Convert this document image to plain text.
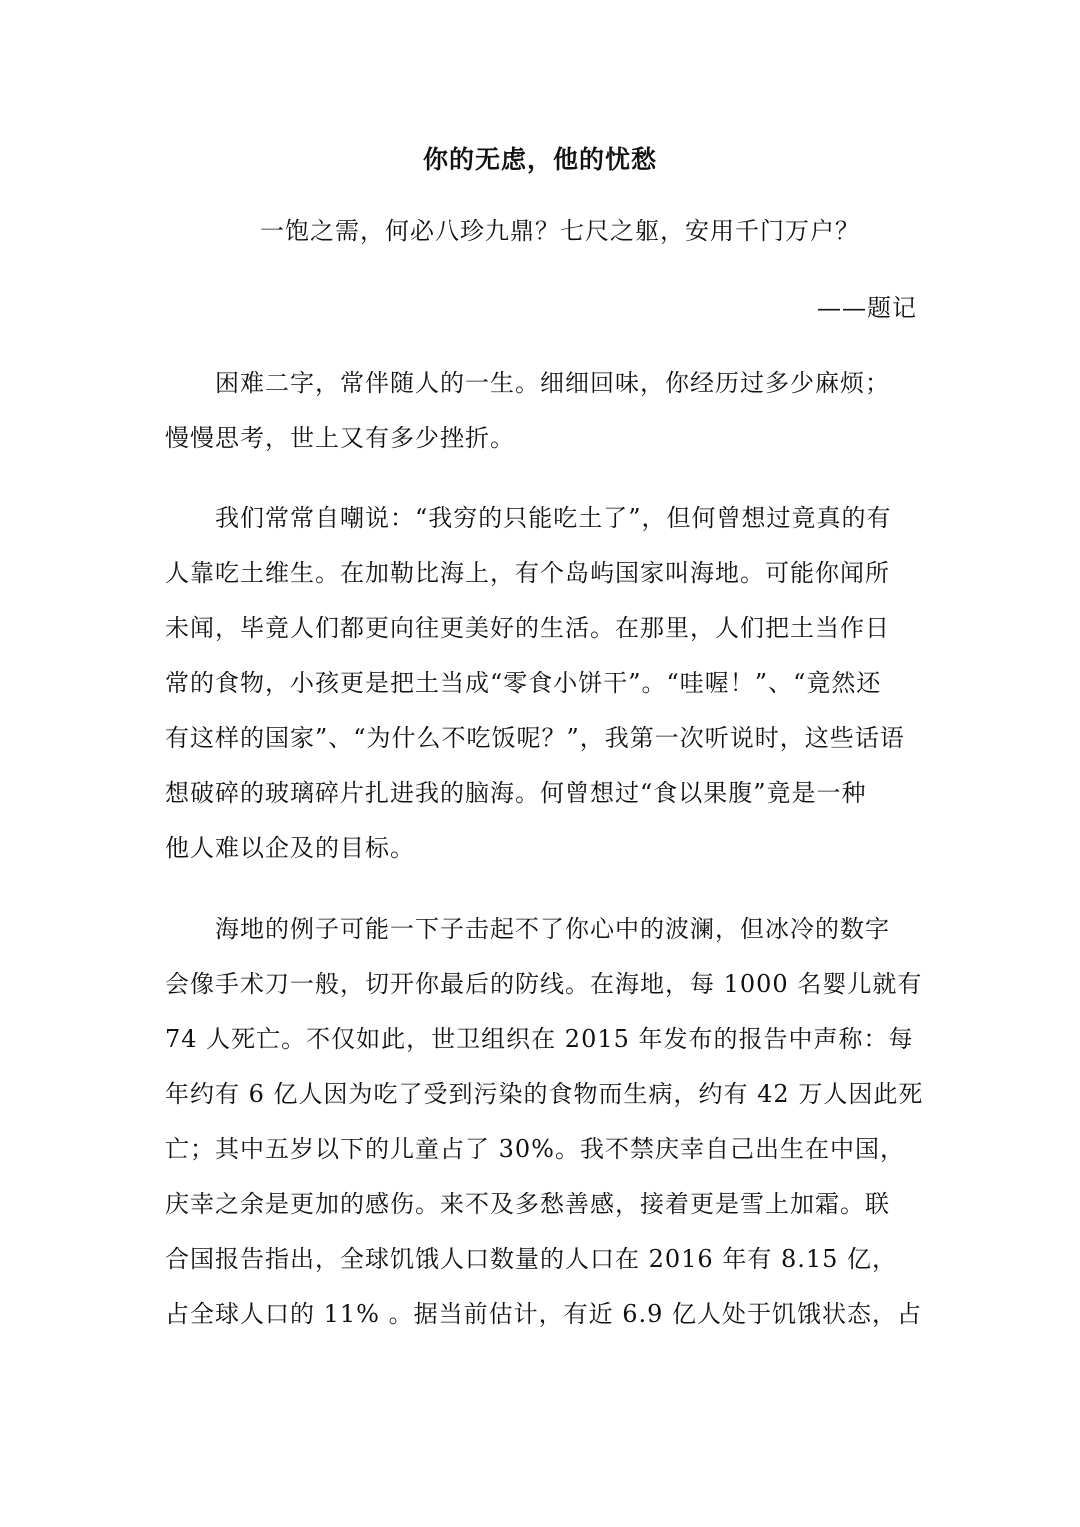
你的无虑，他的忧愁
一饱之需，何必八珍九鼎？七尺之躯，安用千门万户？
——题记
困难二字，常伴随人的一生。细细回味，你经历过多少麻烦；
慢慢思考，世上又有多少挫折。
我们常常自嘲说：“我穷的只能吃土了”，但何曾想过竟真的有
人靠吃土维生。在加勒比海上，有个岛屿国家叫海地。可能你闻所
未闻，毕竟人们都更向往更美好的生活。在那里，人们把土当作日
常的食物，小孩更是把土当成“零食小饼干”。“哇喔！”、“竟然还
有这样的国家”、“为什么不吃饭呢？”，我第一次听说时，这些话语
想破碎的玻璃碎片扎进我的脑海。何曾想过“食以果腹”竟是一种
他人难以企及的目标。
海地的例子可能一下子击起不了你心中的波澜，但冰冷的数字
会像手术刀一般，切开你最后的防线。在海地，每 1000 名婴儿就有
74 人死亡。不仅如此，世卫组织在 2015 年发布的报告中声称：每
年约有 6 亿人因为吃了受到污染的食物而生病，约有 42 万人因此死
亡；其中五岁以下的儿童占了 30%。我不禁庆幸自己出生在中国，
庆幸之余是更加的感伤。来不及多愁善感，接着更是雪上加霜。联
合国报告指出，全球饥饿人口数量的人口在 2016 年有 8.15 亿，
占全球人口的 11% 。据当前估计，有近 6.9 亿人处于饥饿状态，占
